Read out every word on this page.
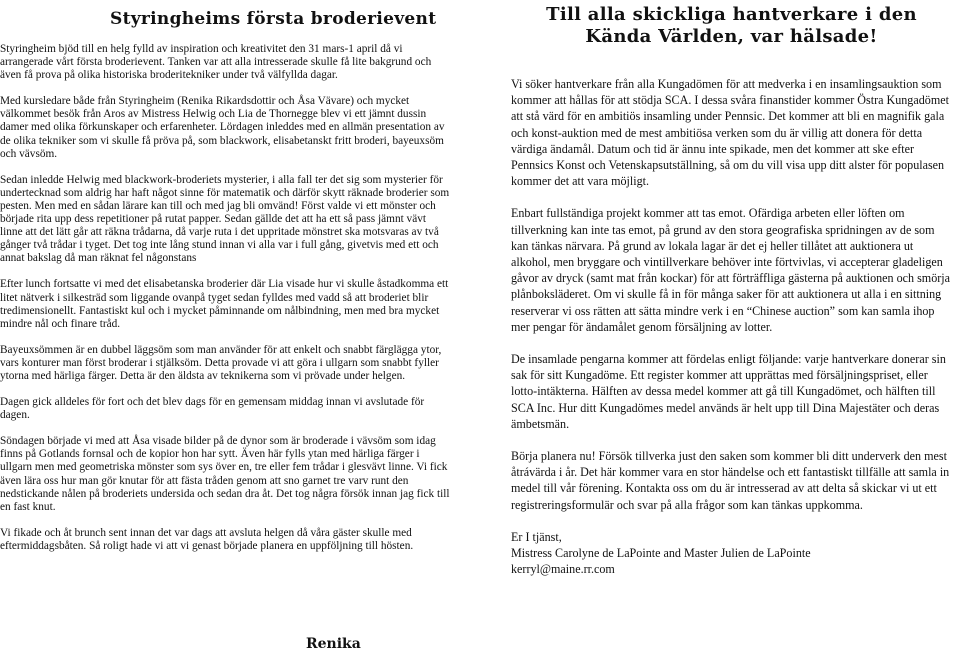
Styringheims första broderievent

Styringheim bjöd till en helg fylld av inspiration och kreativitet den 31 mars-1 april då vi arrangerade vårt första broderievent. Tanken var att alla intresserade skulle få lite bakgrund och även få prova på olika historiska broderitekniker under två välfyllda dagar.

Med kursledare både från Styringheim (Renika Rikardsdottir och Åsa Vävare) och mycket välkommet besök från Aros av Mistress Helwig och Lia de Thornegge blev vi ett jämnt dussin damer med olika förkunskaper och erfarenheter. Lördagen inleddes med en allmän presentation av de olika tekniker som vi skulle få pröva på, som blackwork, elisabetanskt fritt broderi, bayeuxsöm och vävsöm.

Sedan inledde Helwig med blackwork-broderiets mysterier, i alla fall ter det sig som mysterier för undertecknad som aldrig har haft något sinne för matematik och därför skytt räknade broderier som pesten. Men med en sådan lärare kan till och med jag bli omvänd! Först valde vi ett mönster och började rita upp dess repetitioner på rutat papper. Sedan gällde det att ha ett så pass jämnt vävt linne att det lätt går att räkna trådarna, då varje ruta i det uppritade mönstret ska motsvaras av två gånger två trådar i tyget. Det tog inte lång stund innan vi alla var i full gång, givetvis med ett och annat bakslag då man räknat fel någonstans

Efter lunch fortsatte vi med det elisabetanska broderier där Lia visade hur vi skulle åstadkomma ett litet nätverk i silkesträd som liggande ovanpå tyget sedan fylldes med vadd så att broderiet blir tredimensionellt. Fantastiskt kul och i mycket påminnande om nålbindning, men med bra mycket mindre nål och finare tråd.

Bayeuxsömmen är en dubbel läggsöm som man använder för att enkelt och snabbt färglägga ytor, vars konturer man först broderar i stjälksöm. Detta provade vi att göra i ullgarn som snabbt fyller ytorna med härliga färger. Detta är den äldsta av teknikerna som vi prövade under helgen.

Dagen gick alldeles för fort och det blev dags för en gemensam middag innan vi avslutade för dagen.

Söndagen började vi med att Åsa visade bilder på de dynor som är broderade i vävsöm som idag finns på Gotlands fornsal och de kopior hon har sytt. Även här fylls ytan med härliga färger i ullgarn men med geometriska mönster som sys över en, tre eller fem trådar i glesvävt linne. Vi fick även lära oss hur man gör knutar för att fästa tråden genom att sno garnet tre varv runt den nedstickande nålen på broderiets undersida och sedan dra åt. Det tog några försök innan jag fick till en fast knut.

Vi fikade och åt brunch sent innan det var dags att avsluta helgen då våra gäster skulle med eftermiddagsbåten. Så roligt hade vi att vi genast började planera en uppföljning till hösten.

Renika
Till alla skickliga hantverkare i den Kända Världen, var hälsade!

Vi söker hantverkare från alla Kungadömen för att medverka i en insamlingsauktion som kommer att hållas för att stödja SCA. I dessa svåra finanstider kommer Östra Kungadömet att stå värd för en ambitiös insamling under Pennsic. Det kommer att bli en magnifik gala och konst-auktion med de mest ambitiösa verken som du är villig att donera för detta värdiga ändamål. Datum och tid är ännu inte spikade, men det kommer att ske efter Pennsics Konst och Vetenskapsutställning, så om du vill visa upp ditt alster för populasen kommer det att vara möjligt.

Enbart fullständiga projekt kommer att tas emot. Ofärdiga arbeten eller löften om tillverkning kan inte tas emot, på grund av den stora geografiska spridningen av de som kan tänkas närvara. På grund av lokala lagar är det ej heller tillåtet att auktionera ut alkohol, men bryggare och vintillverkare behöver inte förtvivlas, vi accepterar gladeligen gåvor av dryck (samt mat från kockar) för att förträffliga gästerna på auktionen och smörja plånboksläderet. Om vi skulle få in för många saker för att auktionera ut alla i en sittning reserverar vi oss rätten att sätta mindre verk i en “Chinese auction” som kan samla ihop mer pengar för ändamålet genom försäljning av lotter.

De insamlade pengarna kommer att fördelas enligt följande: varje hantverkare donerar sin sak för sitt Kungadöme. Ett register kommer att upprättas med försäljningspriset, eller lotto-intäkterna. Hälften av dessa medel kommer att gå till Kungadömet, och hälften till SCA Inc. Hur ditt Kungadömes medel används är helt upp till Dina Majestäter och deras ämbetsmän.

Börja planera nu! Försök tillverka just den saken som kommer bli ditt underverk den mest åtrávärda i år. Det här kommer vara en stor händelse och ett fantastiskt tillfälle att samla in medel till vår förening. Kontakta oss om du är intresserad av att delta så skickar vi ut ett registreringsformulär och svar på alla frågor som kan tänkas uppkomma.

Er I tjänst,
Mistress Carolyne de LaPointe and Master Julien de LaPointe
kerryl@maine.rr.com
